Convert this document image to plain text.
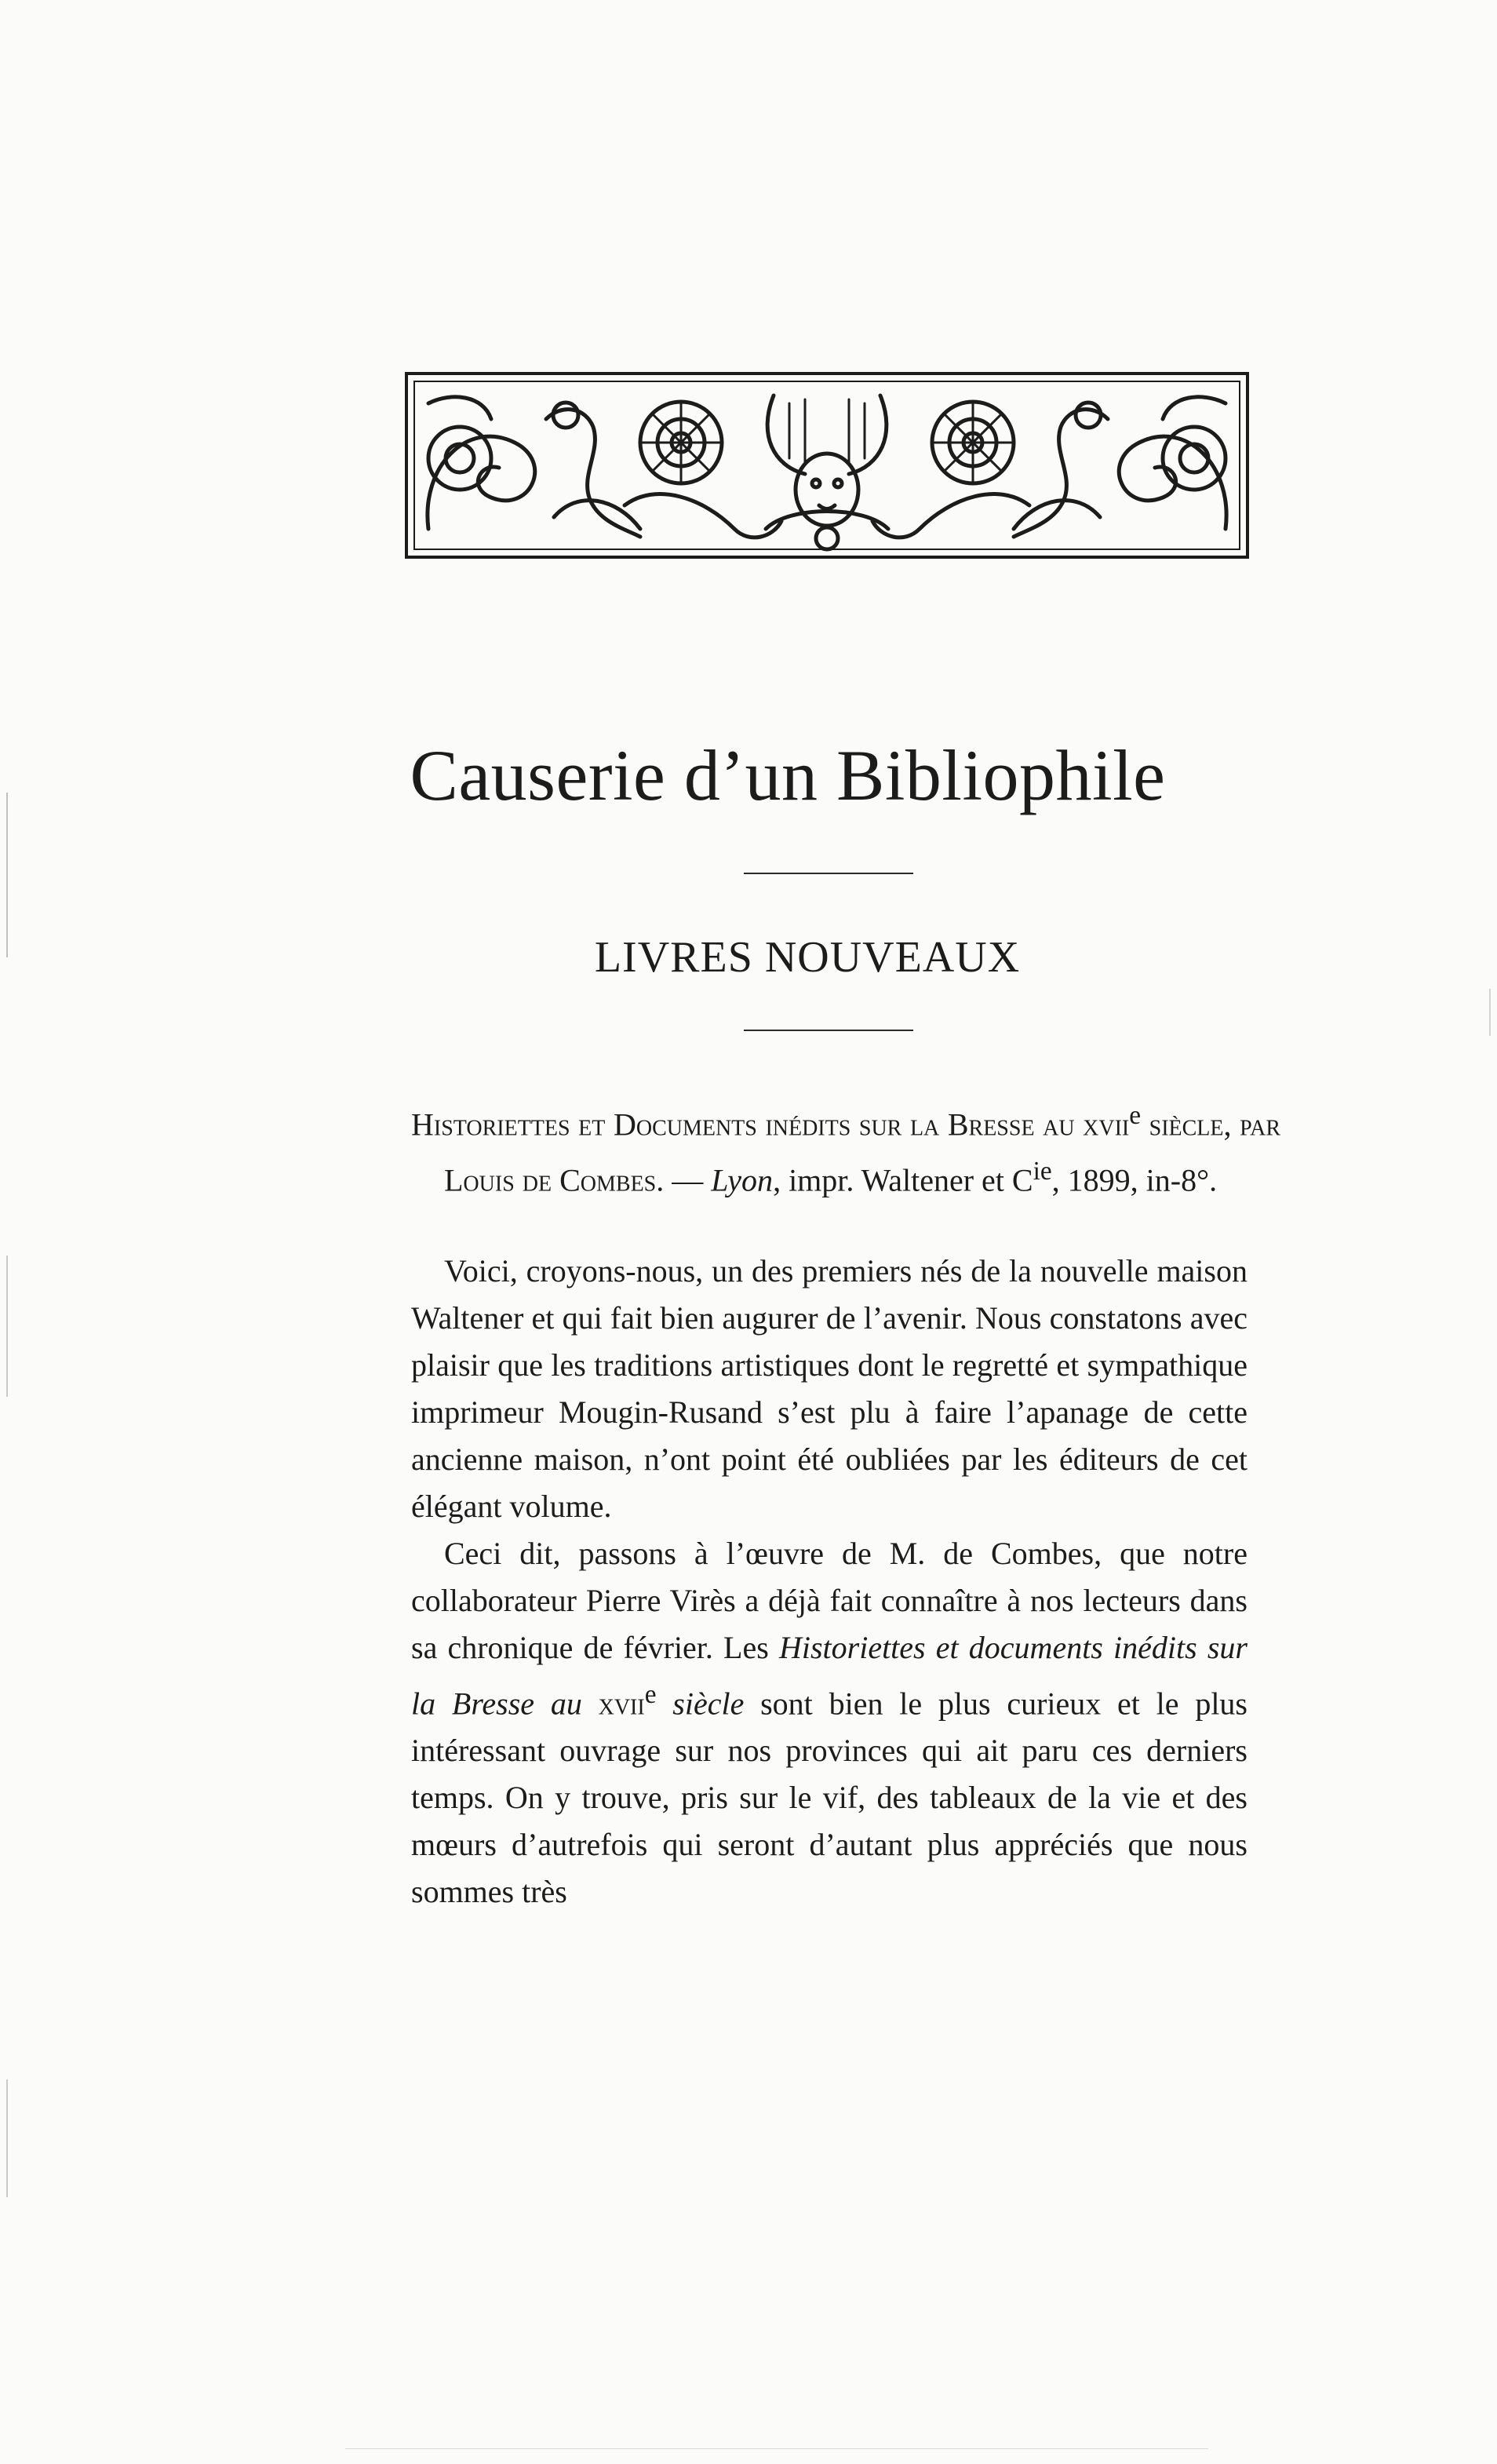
Causerie d’un Bibliophile
LIVRES NOUVEAUX
Historiettes et Documents inédits sur la Bresse au xvii$^e$ siècle, par Louis de Combes. — Lyon, impr. Waltener et $C^{ie}$, 1899, in-8°.
Voici, croyons-nous, un des premiers nés de la nouvelle maison Waltener et qui fait bien augurer de l’avenir. Nous constatons avec plaisir que les traditions artistiques dont le regretté et sympathique imprimeur Mougin-Rusand s’est plu à faire l’apanage de cette ancienne maison, n’ont point été oubliées par les éditeurs de cet élégant volume.
Ceci dit, passons à l’œuvre de M. de Combes, que notre collaborateur Pierre Virès a déjà fait connaître à nos lecteurs dans sa chronique de février. Les Historiettes et documents inédits sur la Bresse au xvii$^e$ siècle sont bien le plus curieux et le plus intéressant ouvrage sur nos provinces qui ait paru ces derniers temps. On y trouve, pris sur le vif, des tableaux de la vie et des mœurs d’autrefois qui seront d’autant plus appréciés que nous sommes très
